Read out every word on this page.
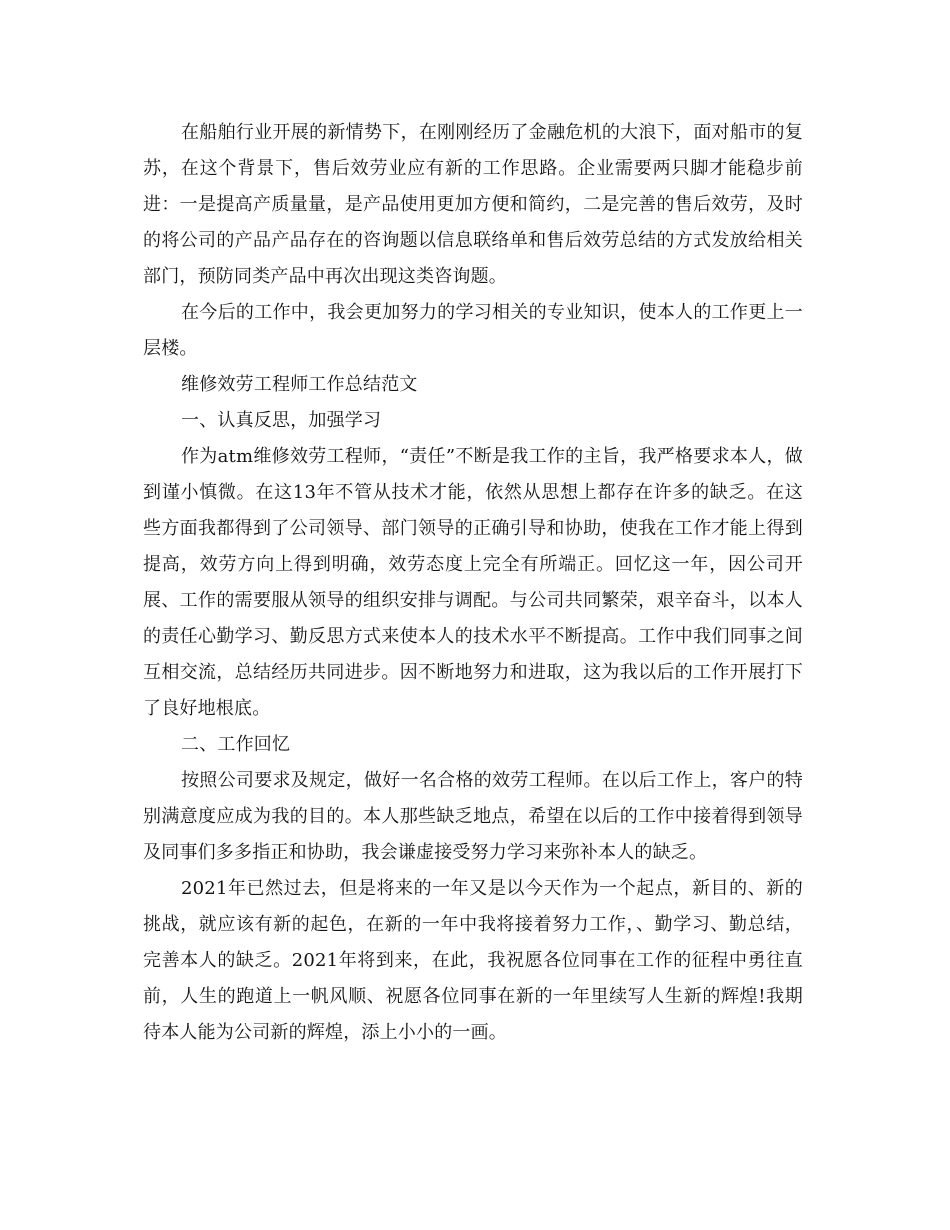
在船舶行业开展的新情势下，在刚刚经历了金融危机的大浪下，面对船市的复苏，在这个背景下，售后效劳业应有新的工作思路。企业需要两只脚才能稳步前进：一是提高产质量量，是产品使用更加方便和简约，二是完善的售后效劳，及时的将公司的产品产品存在的咨询题以信息联络单和售后效劳总结的方式发放给相关部门，预防同类产品中再次出现这类咨询题。

在今后的工作中，我会更加努力的学习相关的专业知识，使本人的工作更上一层楼。

维修效劳工程师工作总结范文

一、认真反思，加强学习

作为atm维修效劳工程师，“责任”不断是我工作的主旨，我严格要求本人，做到谨小慎微。在这13年不管从技术才能，依然从思想上都存在许多的缺乏。在这些方面我都得到了公司领导、部门领导的正确引导和协助，使我在工作才能上得到提高，效劳方向上得到明确，效劳态度上完全有所端正。回忆这一年，因公司开展、工作的需要服从领导的组织安排与调配。与公司共同繁荣，艰辛奋斗，以本人的责任心勤学习、勤反思方式来使本人的技术水平不断提高。工作中我们同事之间互相交流，总结经历共同进步。因不断地努力和进取，这为我以后的工作开展打下了良好地根底。

二、工作回忆

按照公司要求及规定，做好一名合格的效劳工程师。在以后工作上，客户的特别满意度应成为我的目的。本人那些缺乏地点，希望在以后的工作中接着得到领导及同事们多多指正和协助，我会谦虚接受努力学习来弥补本人的缺乏。

2021年已然过去，但是将来的一年又是以今天作为一个起点，新目的、新的挑战，就应该有新的起色，在新的一年中我将接着努力工作，、勤学习、勤总结，完善本人的缺乏。2021年将到来，在此，我祝愿各位同事在工作的征程中勇往直前，人生的跑道上一帆风顺、祝愿各位同事在新的一年里续写人生新的辉煌!我期待本人能为公司新的辉煌，添上小小的一画。
